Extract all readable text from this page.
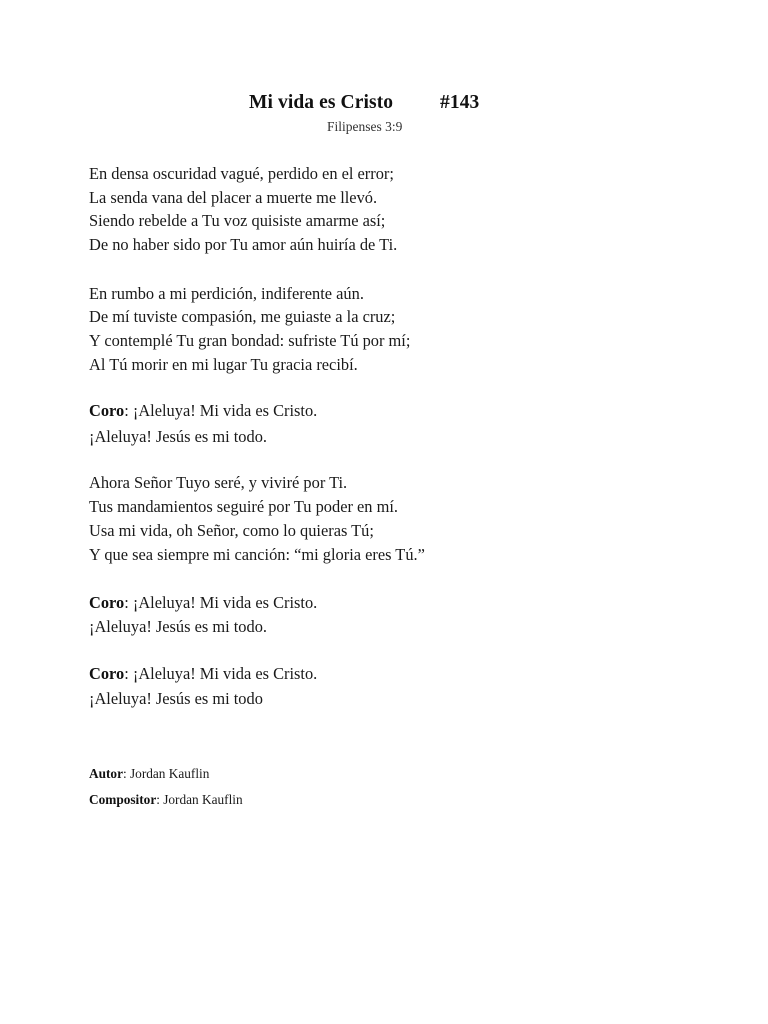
Mi vida es Cristo #143
Filipenses 3:9
En densa oscuridad vagué, perdido en el error;
La senda vana del placer a muerte me llevó.
Siendo rebelde a Tu voz quisiste amarme así;
De no haber sido por Tu amor aún huiría de Ti.
En rumbo a mi perdición, indiferente aún.
De mí tuviste compasión, me guiaste a la cruz;
Y contemplé Tu gran bondad: sufriste Tú por mí;
Al Tú morir en mi lugar Tu gracia recibí.
Coro: ¡Aleluya! Mi vida es Cristo.
¡Aleluya! Jesús es mi todo.
Ahora Señor Tuyo seré, y viviré por Ti.
Tus mandamientos seguiré por Tu poder en mí.
Usa mi vida, oh Señor, como lo quieras Tú;
Y que sea siempre mi canción: “mi gloria eres Tú.”
Coro: ¡Aleluya! Mi vida es Cristo.
¡Aleluya! Jesús es mi todo.
Coro: ¡Aleluya! Mi vida es Cristo.
¡Aleluya! Jesús es mi todo
Autor: Jordan Kauflin
Compositor: Jordan Kauflin
